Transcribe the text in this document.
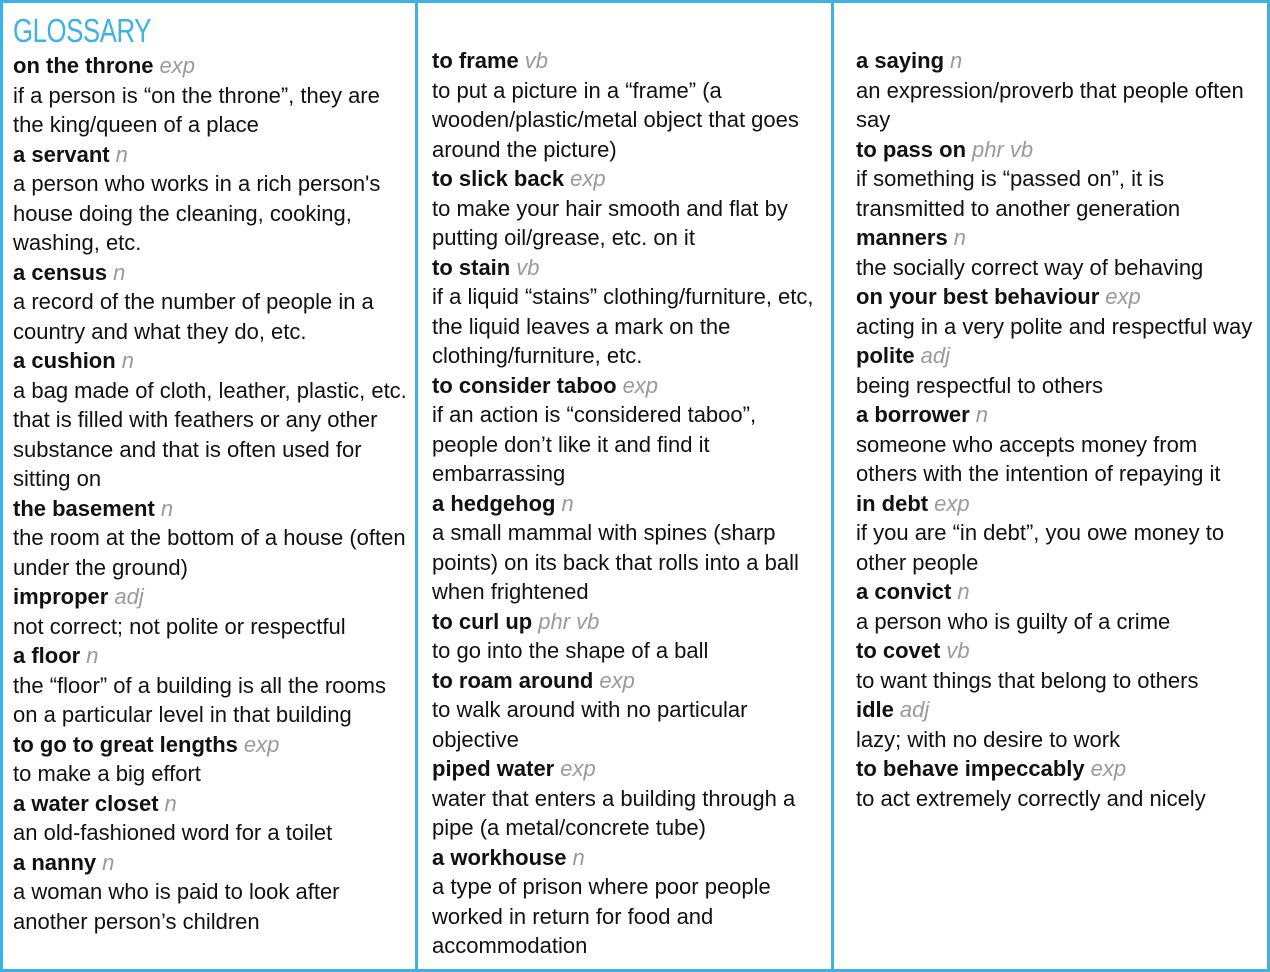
GLOSSARY

on the throne exp

if a person is “on the throne”, they are the king/queen of a place

a servant n

a person who works in a rich person's house doing the cleaning, cooking, washing, etc.

a census n

a record of the number of people in a country and what they do, etc.

a cushion n

a bag made of cloth, leather, plastic, etc. that is filled with feathers or any other substance and that is often used for sitting on

the basement n

the room at the bottom of a house (often under the ground)

improper adj

not correct; not polite or respectful

a floor n

the “floor” of a building is all the rooms on a particular level in that building

to go to great lengths exp

to make a big effort

a water closet n

an old-fashioned word for a toilet

a nanny n

a woman who is paid to look after another person’s children

to frame vb

to put a picture in a “frame” (a wooden/plastic/metal object that goes around the picture)

to slick back exp

to make your hair smooth and flat by putting oil/grease, etc. on it

to stain vb

if a liquid “stains” clothing/furniture, etc, the liquid leaves a mark on the clothing/furniture, etc.

to consider taboo exp

if an action is “considered taboo”, people don’t like it and find it embarrassing

a hedgehog n

a small mammal with spines (sharp points) on its back that rolls into a ball when frightened

to curl up phr vb

to go into the shape of a ball

to roam around exp

to walk around with no particular objective

piped water exp

water that enters a building through a pipe (a metal/concrete tube)

a workhouse n

a type of prison where poor people worked in return for food and accommodation

a saying n

an expression/proverb that people often say

to pass on phr vb

if something is “passed on”, it is transmitted to another generation

manners n

the socially correct way of behaving

on your best behaviour exp

acting in a very polite and respectful way

polite adj

being respectful to others

a borrower n

someone who accepts money from others with the intention of repaying it

in debt exp

if you are “in debt”, you owe money to other people

a convict n

a person who is guilty of a crime

to covet vb

to want things that belong to others

idle adj

lazy; with no desire to work

to behave impeccably exp

to act extremely correctly and nicely
